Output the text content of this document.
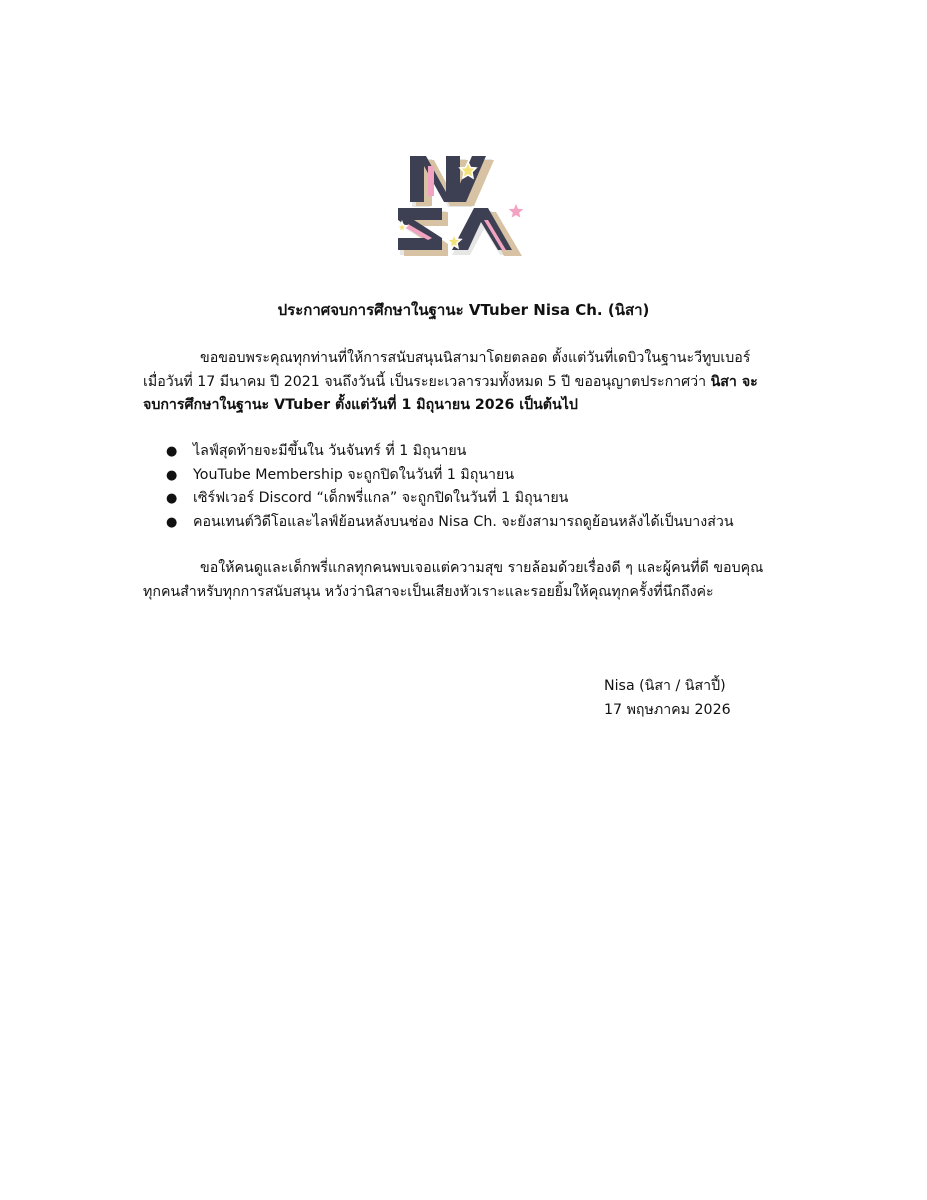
ประกาศจบการศึกษาในฐานะ VTuber Nisa Ch. (นิสา)

ขอขอบพระคุณทุกท่านที่ให้การสนับสนุนนิสามาโดยตลอด ตั้งแต่วันที่เดบิวในฐานะวีทูบเบอร์
เมื่อวันที่ 17 มีนาคม ปี 2021 จนถึงวันนี้ เป็นระยะเวลารวมทั้งหมด 5 ปี ขออนุญาตประกาศว่า นิสา จะ
จบการศึกษาในฐานะ VTuber ตั้งแต่วันที่ 1 มิถุนายน 2026 เป็นต้นไป

● ไลฟ์สุดท้ายจะมีขึ้นใน วันจันทร์ ที่ 1 มิถุนายน
● YouTube Membership จะถูกปิดในวันที่ 1 มิถุนายน
● เซิร์ฟเวอร์ Discord “เด็กพรี่แกล” จะถูกปิดในวันที่ 1 มิถุนายน
● คอนเทนต์วิดีโอและไลฟ์ย้อนหลังบนช่อง Nisa Ch. จะยังสามารถดูย้อนหลังได้เป็นบางส่วน

ขอให้คนดูและเด็กพรี่แกลทุกคนพบเจอแต่ความสุข รายล้อมด้วยเรื่องดี ๆ และผู้คนที่ดี ขอบคุณ
ทุกคนสำหรับทุกการสนับสนุน หวังว่านิสาจะเป็นเสียงหัวเราะและรอยยิ้มให้คุณทุกครั้งที่นึกถึงค่ะ

Nisa (นิสา / นิสาปี้)
17 พฤษภาคม 2026
